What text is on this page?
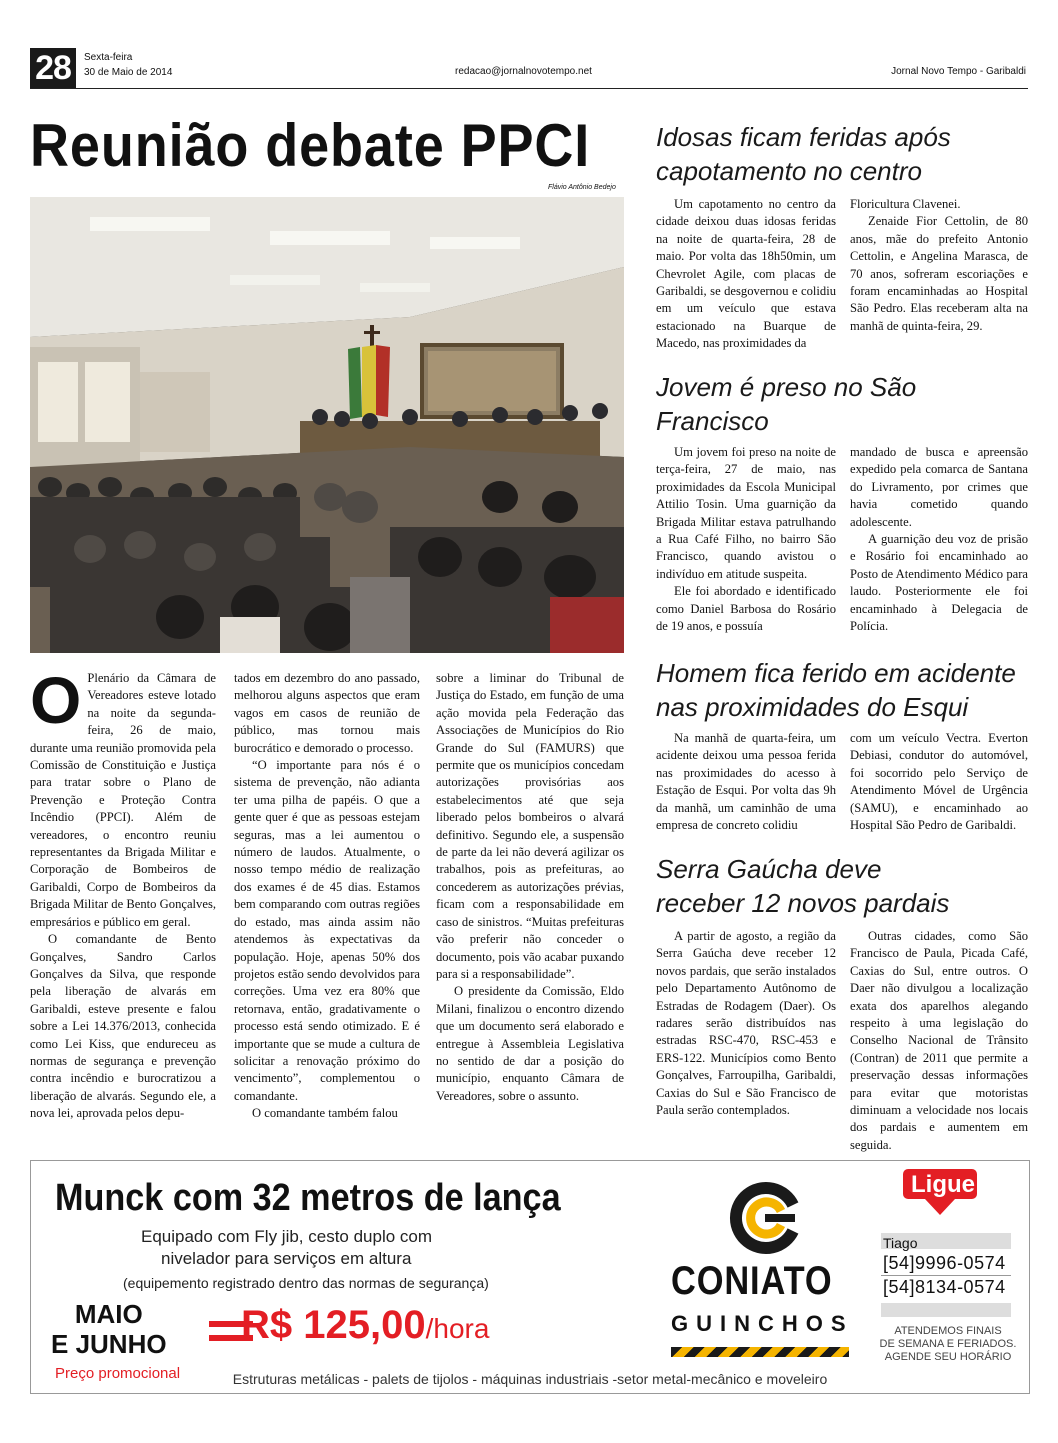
28	Sexta-feira
30 de Maio de 2014	redacao@jornalnovotempo.net	Jornal Novo Tempo - Garibaldi
Reunião debate PPCI
Flávio Antônio Bedejo
O Plenário da Câmara de Vereadores esteve lotado na noite da segunda-feira, 26 de maio, durante uma reunião promovida pela Comissão de Constituição e Justiça para tratar sobre o Plano de Prevenção e Proteção Contra Incêndio (PPCI). Além de vereadores, o encontro reuniu representantes da Brigada Militar e Corporação de Bombeiros de Garibaldi, Corpo de Bombeiros da Brigada Militar de Bento Gonçalves, empresários e público em geral.

O comandante de Bento Gonçalves, Sandro Carlos Gonçalves da Silva, que responde pela liberação de alvarás em Garibaldi, esteve presente e falou sobre a Lei 14.376/2013, conhecida como Lei Kiss, que endureceu as normas de segurança e prevenção contra incêndio e burocratizou a liberação de alvarás. Segundo ele, a nova lei, aprovada pelos depu-

tados em dezembro do ano passado, melhorou alguns aspectos que eram vagos em casos de reunião de público, mas tornou mais burocrático e demorado o processo.

“O importante para nós é o sistema de prevenção, não adianta ter uma pilha de papéis. O que a gente quer é que as pessoas estejam seguras, mas a lei aumentou o número de laudos. Atualmente, o nosso tempo médio de realização dos exames é de 45 dias. Estamos bem comparando com outras regiões do estado, mas ainda assim não atendemos às expectativas da população. Hoje, apenas 50% dos projetos estão sendo devolvidos para correções. Uma vez era 80% que retornava, então, gradativamente o processo está sendo otimizado. E é importante que se mude a cultura de solicitar a renovação próximo do vencimento”, complementou o comandante.

O comandante também falou

sobre a liminar do Tribunal de Justiça do Estado, em função de uma ação movida pela Federação das Associações de Municípios do Rio Grande do Sul (FAMURS) que permite que os municípios concedam autorizações provisórias aos estabelecimentos até que seja liberado pelos bombeiros o alvará definitivo. Segundo ele, a suspensão de parte da lei não deverá agilizar os trabalhos, pois as prefeituras, ao concederem as autorizações prévias, ficam com a responsabilidade em caso de sinistros. “Muitas prefeituras vão preferir não conceder o documento, pois vão acabar puxando para si a responsabilidade”.

O presidente da Comissão, Eldo Milani, finalizou o encontro dizendo que um documento será elaborado e entregue à Assembleia Legislativa no sentido de dar a posição do município, enquanto Câmara de Vereadores, sobre o assunto.

Idosas ficam feridas após capotamento no centro

Um capotamento no centro da cidade deixou duas idosas feridas na noite de quarta-feira, 28 de maio. Por volta das 18h50min, um Chevrolet Agile, com placas de Garibaldi, se desgovernou e colidiu em um veículo que estava estacionado na Buarque de Macedo, nas proximidades da

Floricultura Clavenei.

Zenaide Fior Cettolin, de 80 anos, mãe do prefeito Antonio Cettolin, e Angelina Marasca, de 70 anos, sofreram escoriações e foram encaminhadas ao Hospital São Pedro. Elas receberam alta na manhã de quinta-feira, 29.

Jovem é preso no São Francisco

Um jovem foi preso na noite de terça-feira, 27 de maio, nas proximidades da Escola Municipal Attilio Tosin. Uma guarnição da Brigada Militar estava patrulhando a Rua Café Filho, no bairro São Francisco, quando avistou o indivíduo em atitude suspeita.

Ele foi abordado e identificado como Daniel Barbosa do Rosário de 19 anos, e possuía

mandado de busca e apreensão expedido pela comarca de Santana do Livramento, por crimes que havia cometido quando adolescente.

A guarnição deu voz de prisão e Rosário foi encaminhado ao Posto de Atendimento Médico para laudo. Posteriormente ele foi encaminhado à Delegacia de Polícia.

Homem fica ferido em acidente nas proximidades do Esqui

Na manhã de quarta-feira, um acidente deixou uma pessoa ferida nas proximidades do acesso à Estação de Esqui. Por volta das 9h da manhã, um caminhão de uma empresa de concreto colidiu

com um veículo Vectra. Everton Debiasi, condutor do automóvel, foi socorrido pelo Serviço de Atendimento Móvel de Urgência (SAMU), e encaminhado ao Hospital São Pedro de Garibaldi.

Serra Gaúcha deve receber 12 novos pardais

A partir de agosto, a região da Serra Gaúcha deve receber 12 novos pardais, que serão instalados pelo Departamento Autônomo de Estradas de Rodagem (Daer). Os radares serão distribuídos nas estradas RSC-470, RSC-453 e ERS-122. Municípios como Bento Gonçalves, Farroupilha, Garibaldi, Caxias do Sul e São Francisco de Paula serão contemplados.

Outras cidades, como São Francisco de Paula, Picada Café, Caxias do Sul, entre outros. O Daer não divulgou a localização exata dos aparelhos alegando respeito à uma legislação do Conselho Nacional de Trânsito (Contran) de 2011 que permite a preservação dessas informações para evitar que motoristas diminuam a velocidade nos locais dos pardais e aumentem em seguida.

Munck com 32 metros de lança
Equipado com Fly jib, cesto duplo com
nivelador para serviços em altura
(equipemento registrado dentro das normas de segurança)
MAIO
E JUNHO R$ 125,00/hora
Preço promocional
CONIATO
GUINCHOS
Ligue
Tiago
[54]9996-0574
[54]8134-0574
ATENDEMOS FINAIS
DE SEMANA E FERIADOS.
AGENDE SEU HORÁRIO
Estruturas metálicas - palets de tijolos - máquinas industriais -setor metal-mecânico e moveleiro
